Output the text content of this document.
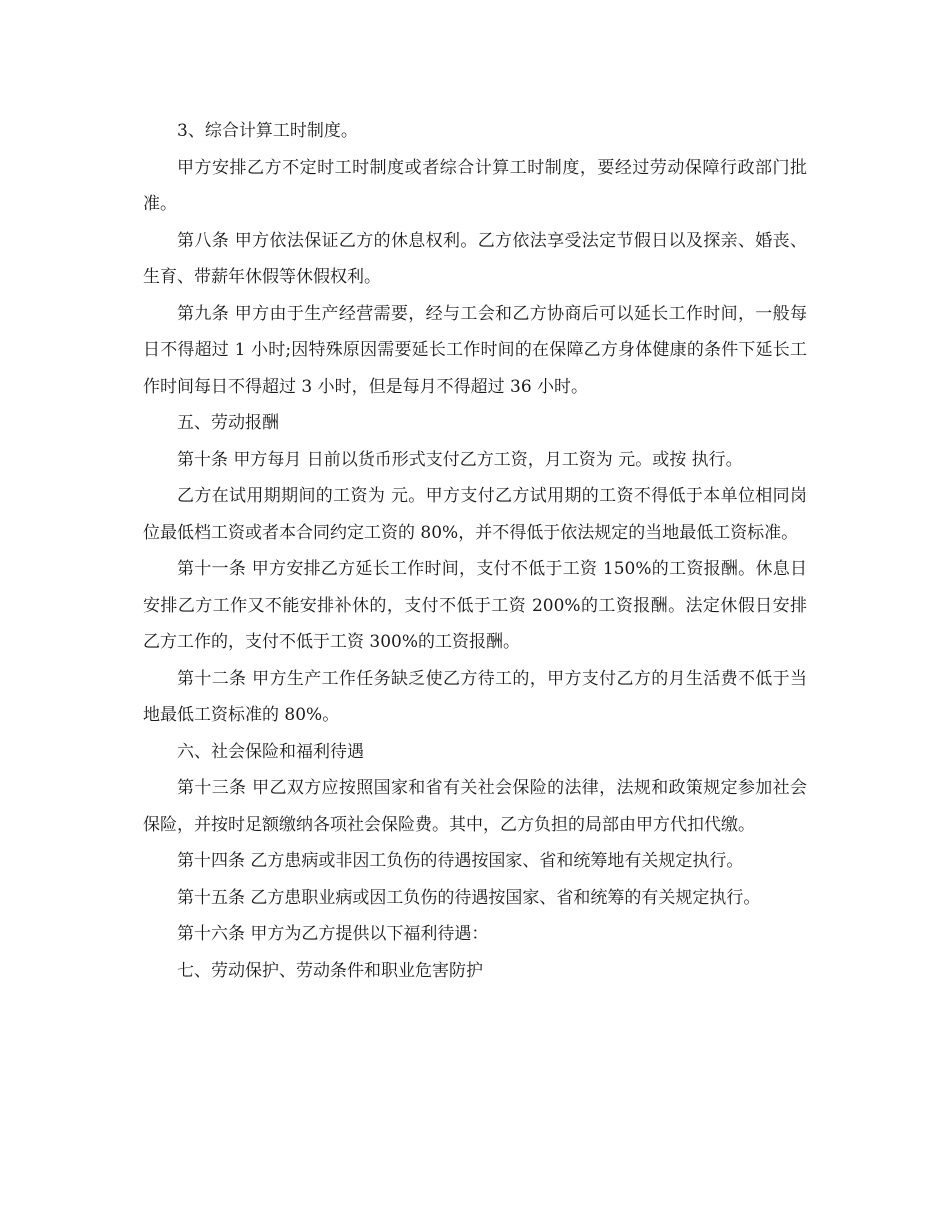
3、综合计算工时制度。

甲方安排乙方不定时工时制度或者综合计算工时制度，要经过劳动保障行政部门批准。

第八条 甲方依法保证乙方的休息权利。乙方依法享受法定节假日以及探亲、婚丧、生育、带薪年休假等休假权利。

第九条 甲方由于生产经营需要，经与工会和乙方协商后可以延长工作时间，一般每日不得超过 1 小时;因特殊原因需要延长工作时间的在保障乙方身体健康的条件下延长工作时间每日不得超过 3 小时，但是每月不得超过 36 小时。

五、劳动报酬

第十条 甲方每月 日前以货币形式支付乙方工资，月工资为 元。或按 执行。

乙方在试用期期间的工资为 元。甲方支付乙方试用期的工资不得低于本单位相同岗位最低档工资或者本合同约定工资的 80%，并不得低于依法规定的当地最低工资标准。

第十一条 甲方安排乙方延长工作时间，支付不低于工资 150%的工资报酬。休息日安排乙方工作又不能安排补休的，支付不低于工资 200%的工资报酬。法定休假日安排乙方工作的，支付不低于工资 300%的工资报酬。

第十二条 甲方生产工作任务缺乏使乙方待工的，甲方支付乙方的月生活费不低于当地最低工资标准的 80%。

六、社会保险和福利待遇

第十三条 甲乙双方应按照国家和省有关社会保险的法律，法规和政策规定参加社会保险，并按时足额缴纳各项社会保险费。其中，乙方负担的局部由甲方代扣代缴。

第十四条 乙方患病或非因工负伤的待遇按国家、省和统筹地有关规定执行。

第十五条 乙方患职业病或因工负伤的待遇按国家、省和统筹的有关规定执行。

第十六条 甲方为乙方提供以下福利待遇：

七、劳动保护、劳动条件和职业危害防护
